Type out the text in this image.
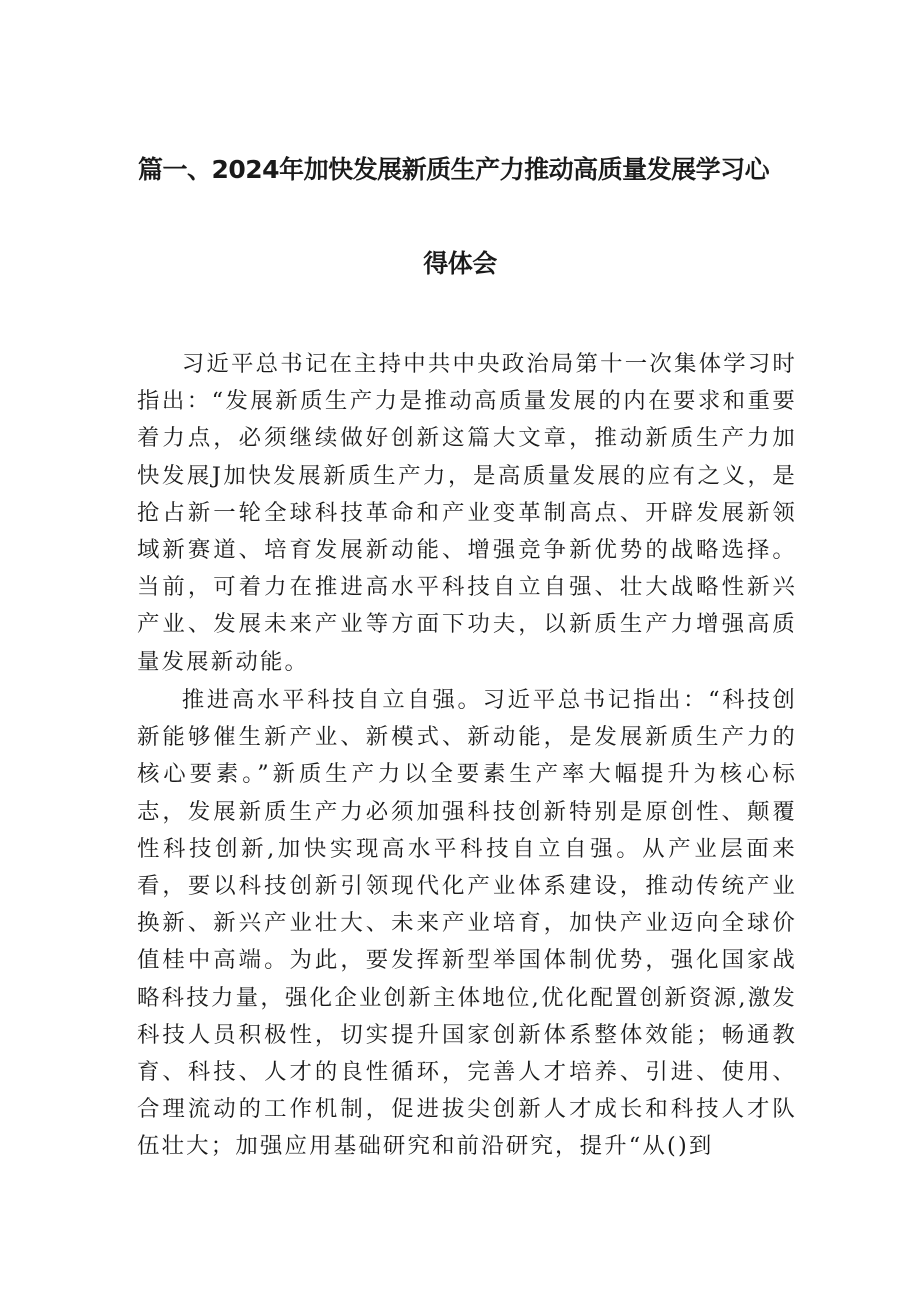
篇一、2024年加快发展新质生产力推动高质量发展学习心
得体会

习近平总书记在主持中共中央政治局第十一次集体学习时指出：“发展新质生产力是推动高质量发展的内在要求和重要着力点，必须继续做好创新这篇大文章，推动新质生产力加快发展J加快发展新质生产力，是高质量发展的应有之义，是抢占新一轮全球科技革命和产业变革制高点、开辟发展新领域新赛道、培育发展新动能、增强竞争新优势的战略选择。当前，可着力在推进高水平科技自立自强、壮大战略性新兴产业、发展未来产业等方面下功夫，以新质生产力增强高质量发展新动能。

推进高水平科技自立自强。习近平总书记指出：“科技创新能够催生新产业、新模式、新动能，是发展新质生产力的核心要素。”新质生产力以全要素生产率大幅提升为核心标志，发展新质生产力必须加强科技创新特别是原创性、颠覆性科技创新,加快实现高水平科技自立自强。从产业层面来看，要以科技创新引领现代化产业体系建设，推动传统产业换新、新兴产业壮大、未来产业培育，加快产业迈向全球价值桂中高端。为此，要发挥新型举国体制优势，强化国家战略科技力量，强化企业创新主体地位,优化配置创新资源,激发科技人员积极性，切实提升国家创新体系整体效能；畅通教育、科技、人才的良性循环，完善人才培养、引进、使用、合理流动的工作机制，促进拔尖创新人才成长和科技人才队伍壮大；加强应用基础研究和前沿研究，提升“从()到
